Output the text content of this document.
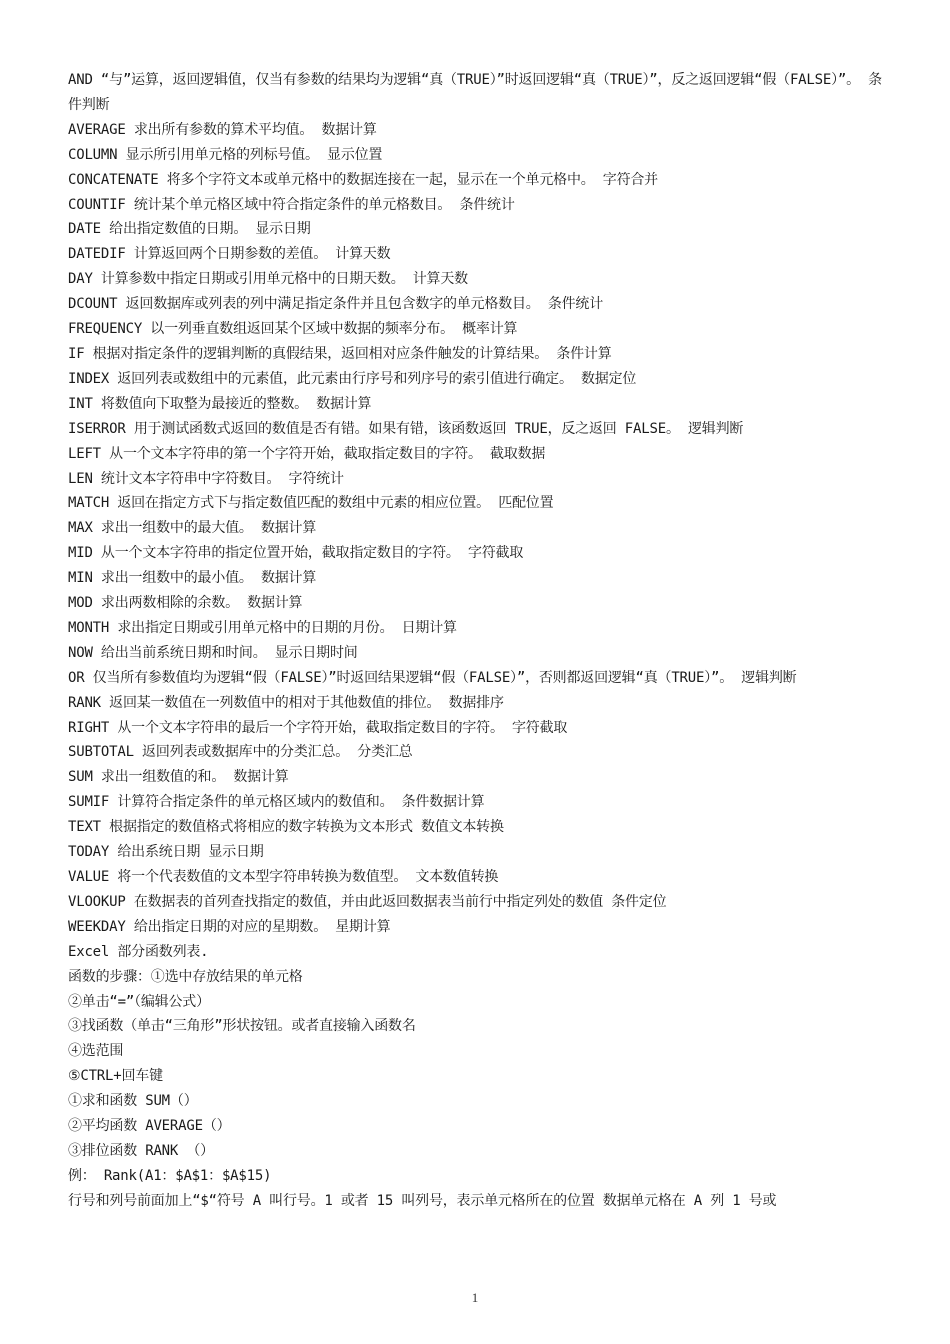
AND “与”运算，返回逻辑值，仅当有参数的结果均为逻辑“真（TRUE）”时返回逻辑“真（TRUE）”，反之返回逻辑“假（FALSE）”。 条件判断
AVERAGE 求出所有参数的算术平均值。 数据计算
COLUMN 显示所引用单元格的列标号值。 显示位置
CONCATENATE 将多个字符文本或单元格中的数据连接在一起，显示在一个单元格中。 字符合并
COUNTIF 统计某个单元格区域中符合指定条件的单元格数目。 条件统计
DATE 给出指定数值的日期。 显示日期
DATEDIF 计算返回两个日期参数的差值。 计算天数
DAY 计算参数中指定日期或引用单元格中的日期天数。 计算天数
DCOUNT 返回数据库或列表的列中满足指定条件并且包含数字的单元格数目。 条件统计
FREQUENCY 以一列垂直数组返回某个区域中数据的频率分布。 概率计算
IF 根据对指定条件的逻辑判断的真假结果，返回相对应条件触发的计算结果。 条件计算
INDEX 返回列表或数组中的元素值，此元素由行序号和列序号的索引值进行确定。 数据定位
INT 将数值向下取整为最接近的整数。 数据计算
ISERROR 用于测试函数式返回的数值是否有错。如果有错，该函数返回 TRUE，反之返回 FALSE。 逻辑判断
LEFT 从一个文本字符串的第一个字符开始，截取指定数目的字符。 截取数据
LEN 统计文本字符串中字符数目。 字符统计
MATCH 返回在指定方式下与指定数值匹配的数组中元素的相应位置。 匹配位置
MAX 求出一组数中的最大值。 数据计算
MID 从一个文本字符串的指定位置开始，截取指定数目的字符。 字符截取
MIN 求出一组数中的最小值。 数据计算
MOD 求出两数相除的余数。 数据计算
MONTH 求出指定日期或引用单元格中的日期的月份。 日期计算
NOW 给出当前系统日期和时间。 显示日期时间
OR 仅当所有参数值均为逻辑“假（FALSE）”时返回结果逻辑“假（FALSE）”，否则都返回逻辑“真（TRUE）”。 逻辑判断
RANK 返回某一数值在一列数值中的相对于其他数值的排位。 数据排序
RIGHT 从一个文本字符串的最后一个字符开始，截取指定数目的字符。 字符截取
SUBTOTAL 返回列表或数据库中的分类汇总。 分类汇总
SUM 求出一组数值的和。 数据计算
SUMIF 计算符合指定条件的单元格区域内的数值和。 条件数据计算
TEXT 根据指定的数值格式将相应的数字转换为文本形式 数值文本转换
TODAY 给出系统日期 显示日期
VALUE 将一个代表数值的文本型字符串转换为数值型。 文本数值转换
VLOOKUP 在数据表的首列查找指定的数值，并由此返回数据表当前行中指定列处的数值 条件定位
WEEKDAY 给出指定日期的对应的星期数。 星期计算
Excel 部分函数列表.
函数的步骤：①选中存放结果的单元格
②单击“=”（编辑公式）
③找函数（单击“三角形”形状按钮。或者直接输入函数名
④选范围
⑤CTRL+回车键
①求和函数 SUM（）
②平均函数 AVERAGE（）
③排位函数 RANK （）
例： Rank(A1：$A$1：$A$15)
行号和列号前面加上“$“符号 A 叫行号。1 或者 15 叫列号，表示单元格所在的位置 数据单元格在 A 列 1 号或
1
